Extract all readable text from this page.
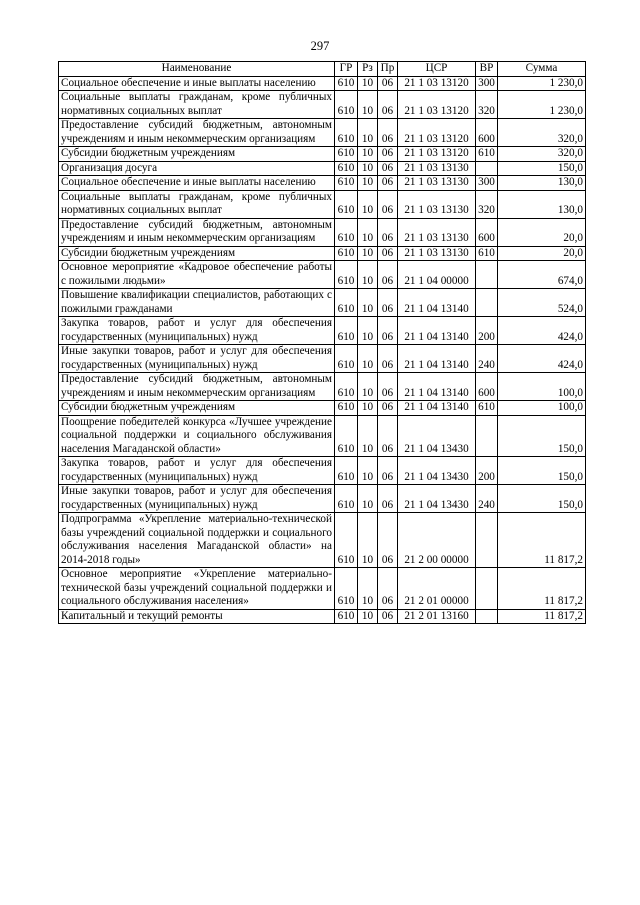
297
Наименование	ГР	Рз	Пр	ЦСР	ВР	Сумма
Социальное обеспечение и иные выплаты населению	610	10	06	21 1 03 13120	300	1 230,0
Социальные выплаты гражданам, кроме публичных нормативных социальных выплат	610	10	06	21 1 03 13120	320	1 230,0
Предоставление субсидий бюджетным, автономным учреждениям и иным некоммерческим организациям	610	10	06	21 1 03 13120	600	320,0
Субсидии бюджетным учреждениям	610	10	06	21 1 03 13120	610	320,0
Организация досуга	610	10	06	21 1 03 13130		150,0
Социальное обеспечение и иные выплаты населению	610	10	06	21 1 03 13130	300	130,0
Социальные выплаты гражданам, кроме публичных нормативных социальных выплат	610	10	06	21 1 03 13130	320	130,0
Предоставление субсидий бюджетным, автономным учреждениям и иным некоммерческим организациям	610	10	06	21 1 03 13130	600	20,0
Субсидии бюджетным учреждениям	610	10	06	21 1 03 13130	610	20,0
Основное мероприятие «Кадровое обеспечение работы с пожилыми людьми»	610	10	06	21 1 04 00000		674,0
Повышение квалификации специалистов, работающих с пожилыми гражданами	610	10	06	21 1 04 13140		524,0
Закупка товаров, работ и услуг для обеспечения государственных (муниципальных) нужд	610	10	06	21 1 04 13140	200	424,0
Иные закупки товаров, работ и услуг для обеспечения государственных (муниципальных) нужд	610	10	06	21 1 04 13140	240	424,0
Предоставление субсидий бюджетным, автономным учреждениям и иным некоммерческим организациям	610	10	06	21 1 04 13140	600	100,0
Субсидии бюджетным учреждениям	610	10	06	21 1 04 13140	610	100,0
Поощрение победителей конкурса «Лучшее учреждение социальной поддержки и социального обслуживания населения Магаданской области»	610	10	06	21 1 04 13430		150,0
Закупка товаров, работ и услуг для обеспечения государственных (муниципальных) нужд	610	10	06	21 1 04 13430	200	150,0
Иные закупки товаров, работ и услуг для обеспечения государственных (муниципальных) нужд	610	10	06	21 1 04 13430	240	150,0
Подпрограмма «Укрепление материально-технической базы учреждений социальной поддержки и социального обслуживания населения Магаданской области» на 2014-2018 годы»	610	10	06	21 2 00 00000		11 817,2
Основное мероприятие «Укрепление материально-технической базы учреждений социальной поддержки и социального обслуживания населения»	610	10	06	21 2 01 00000		11 817,2
Капитальный и текущий ремонты	610	10	06	21 2 01 13160		11 817,2
